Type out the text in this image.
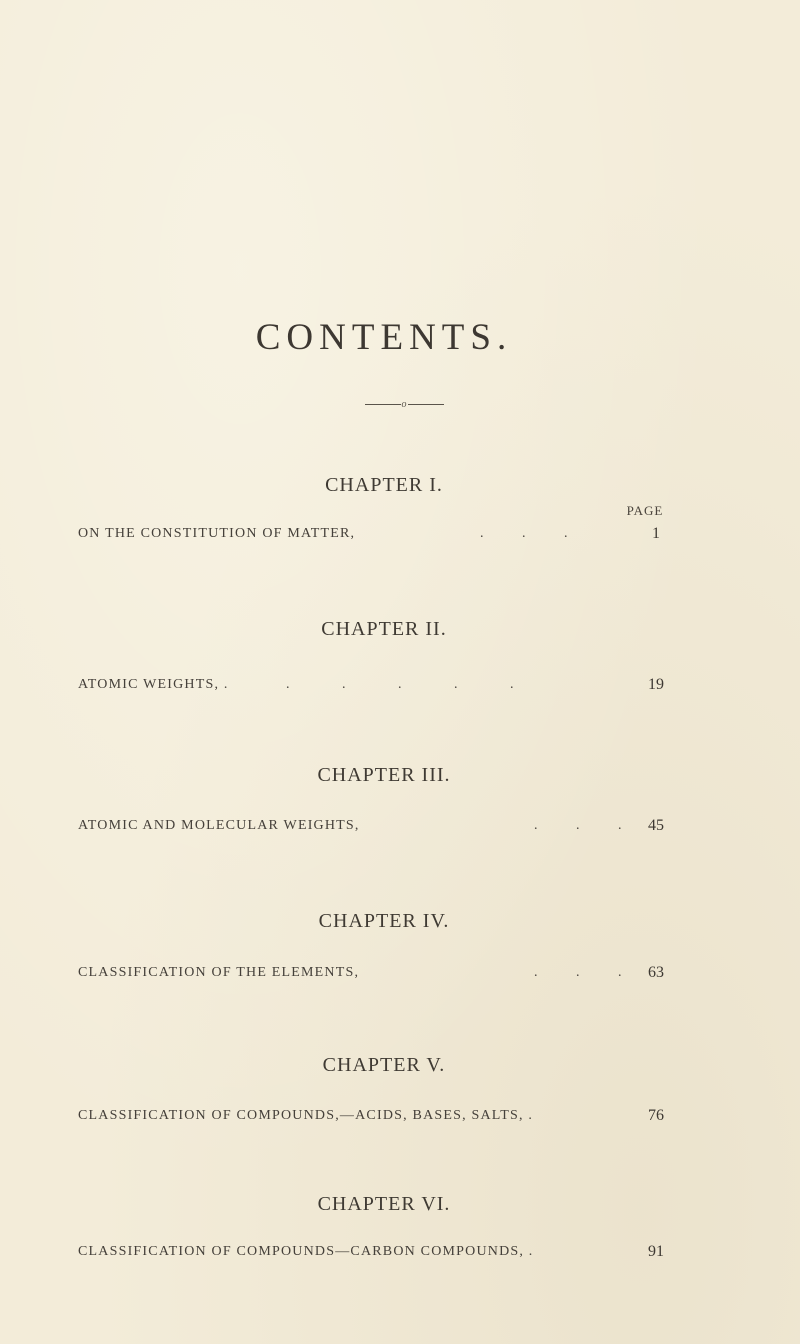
CONTENTS.
o
PAGE
CHAPTER I.
ON THE CONSTITUTION OF MATTER,	.           .           .	1
CHAPTER II.
ATOMIC WEIGHTS, .	.               .               .               .               .	19
CHAPTER III.
ATOMIC AND MOLECULAR WEIGHTS,	.           .           .	45
CHAPTER IV.
CLASSIFICATION OF THE ELEMENTS,	.           .           .	63
CHAPTER V.
CLASSIFICATION OF COMPOUNDS,—ACIDS, BASES, SALTS, .	76
CHAPTER VI.
CLASSIFICATION OF COMPOUNDS—CARBON COMPOUNDS, .	91
